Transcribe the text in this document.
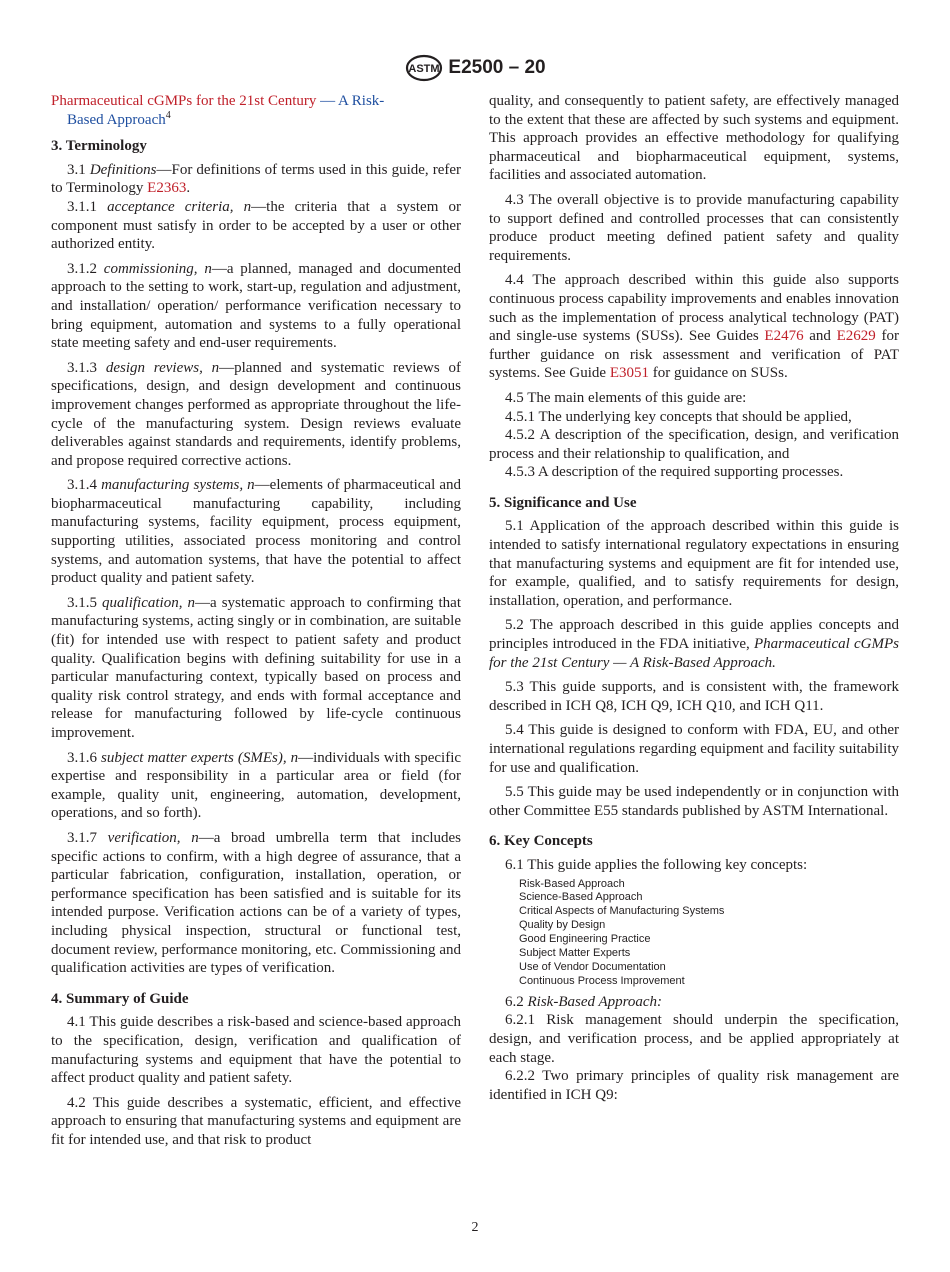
ASTM E2500 – 20

Pharmaceutical cGMPs for the 21st Century — A Risk-
Based Approach$^4$

3. Terminology

3.1 Definitions—For definitions of terms used in this guide, refer to Terminology E2363.

3.1.1 acceptance criteria, n—the criteria that a system or component must satisfy in order to be accepted by a user or other authorized entity.

3.1.2 commissioning, n—a planned, managed and documented approach to the setting to work, start-up, regulation and adjustment, and installation/ operation/ performance verification necessary to bring equipment, automation and systems to a fully operational state meeting safety and end-user requirements.

3.1.3 design reviews, n—planned and systematic reviews of specifications, design, and design development and continuous improvement changes performed as appropriate throughout the life-cycle of the manufacturing system. Design reviews evaluate deliverables against standards and requirements, identify problems, and propose required corrective actions.

3.1.4 manufacturing systems, n—elements of pharmaceutical and biopharmaceutical manufacturing capability, including manufacturing systems, facility equipment, process equipment, supporting utilities, associated process monitoring and control systems, and automation systems, that have the potential to affect product quality and patient safety.

3.1.5 qualification, n—a systematic approach to confirming that manufacturing systems, acting singly or in combination, are suitable (fit) for intended use with respect to patient safety and product quality. Qualification begins with defining suitability for use in a particular manufacturing context, typically based on process and quality risk control strategy, and ends with formal acceptance and release for manufacturing followed by life-cycle continuous improvement.

3.1.6 subject matter experts (SMEs), n—individuals with specific expertise and responsibility in a particular area or field (for example, quality unit, engineering, automation, development, operations, and so forth).

3.1.7 verification, n—a broad umbrella term that includes specific actions to confirm, with a high degree of assurance, that a particular fabrication, configuration, installation, operation, or performance specification has been satisfied and is suitable for its intended purpose. Verification actions can be of a variety of types, including physical inspection, structural or functional test, document review, performance monitoring, etc. Commissioning and qualification activities are types of verification.

4. Summary of Guide

4.1 This guide describes a risk-based and science-based approach to the specification, design, verification and qualification of manufacturing systems and equipment that have the potential to affect product quality and patient safety.

4.2 This guide describes a systematic, efficient, and effective approach to ensuring that manufacturing systems and equipment are fit for intended use, and that risk to product

quality, and consequently to patient safety, are effectively managed to the extent that these are affected by such systems and equipment. This approach provides an effective methodology for qualifying pharmaceutical and biopharmaceutical equipment, systems, facilities and associated automation.

4.3 The overall objective is to provide manufacturing capability to support defined and controlled processes that can consistently produce product meeting defined patient safety and quality requirements.

4.4 The approach described within this guide also supports continuous process capability improvements and enables innovation such as the implementation of process analytical technology (PAT) and single-use systems (SUSs). See Guides E2476 and E2629 for further guidance on risk assessment and verification of PAT systems. See Guide E3051 for guidance on SUSs.

4.5 The main elements of this guide are:

4.5.1 The underlying key concepts that should be applied,

4.5.2 A description of the specification, design, and verification process and their relationship to qualification, and

4.5.3 A description of the required supporting processes.

5. Significance and Use

5.1 Application of the approach described within this guide is intended to satisfy international regulatory expectations in ensuring that manufacturing systems and equipment are fit for intended use, for example, qualified, and to satisfy requirements for design, installation, operation, and performance.

5.2 The approach described in this guide applies concepts and principles introduced in the FDA initiative, Pharmaceutical cGMPs for the 21st Century — A Risk-Based Approach.

5.3 This guide supports, and is consistent with, the framework described in ICH Q8, ICH Q9, ICH Q10, and ICH Q11.

5.4 This guide is designed to conform with FDA, EU, and other international regulations regarding equipment and facility suitability for use and qualification.

5.5 This guide may be used independently or in conjunction with other Committee E55 standards published by ASTM International.

6. Key Concepts

6.1 This guide applies the following key concepts:

Risk-Based Approach
Science-Based Approach
Critical Aspects of Manufacturing Systems
Quality by Design
Good Engineering Practice
Subject Matter Experts
Use of Vendor Documentation
Continuous Process Improvement

6.2 Risk-Based Approach:

6.2.1 Risk management should underpin the specification, design, and verification process, and be applied appropriately at each stage.

6.2.2 Two primary principles of quality risk management are identified in ICH Q9:

2
